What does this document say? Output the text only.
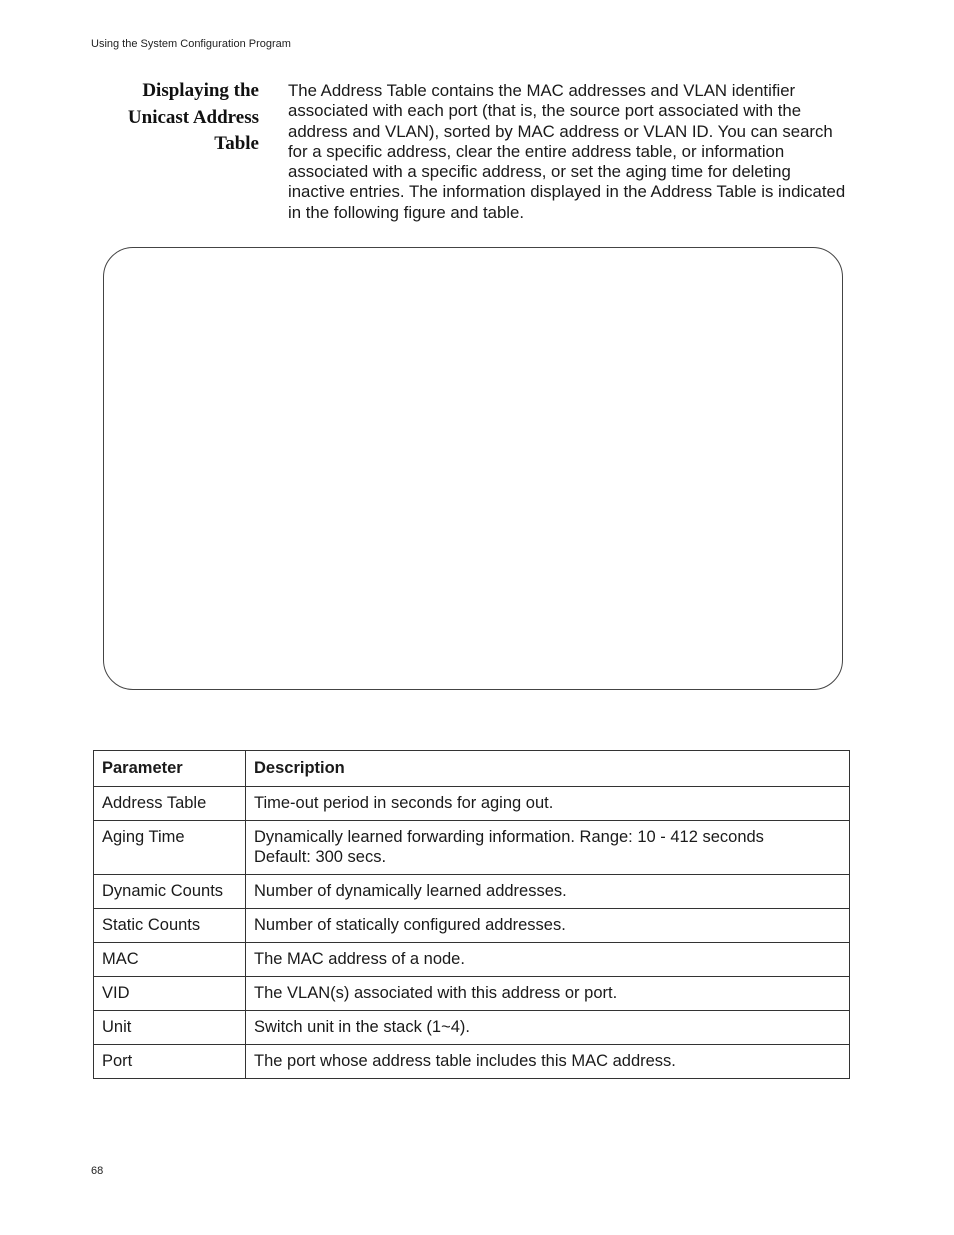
Using the System Configuration Program
Displaying the
Unicast Address
Table

The Address Table contains the MAC addresses and VLAN identifier associated with each port (that is, the source port associated with the address and VLAN), sorted by MAC address or VLAN ID. You can search for a specific address, clear the entire address table, or information associated with a specific address, or set the aging time for deleting inactive entries. The information displayed in the Address Table is indicated in the following figure and table.

Parameter	Description
Address Table	Time-out period in seconds for aging out.

Aging Time	Dynamically learned forwarding information. Range: 10 - 412 seconds
Default: 300 secs.

Dynamic Counts	Number of dynamically learned addresses.

Static Counts	Number of statically configured addresses.

MAC	The MAC address of a node.

VID	The VLAN(s) associated with this address or port.

Unit	Switch unit in the stack (1~4).

Port	The port whose address table includes this MAC address.
68
